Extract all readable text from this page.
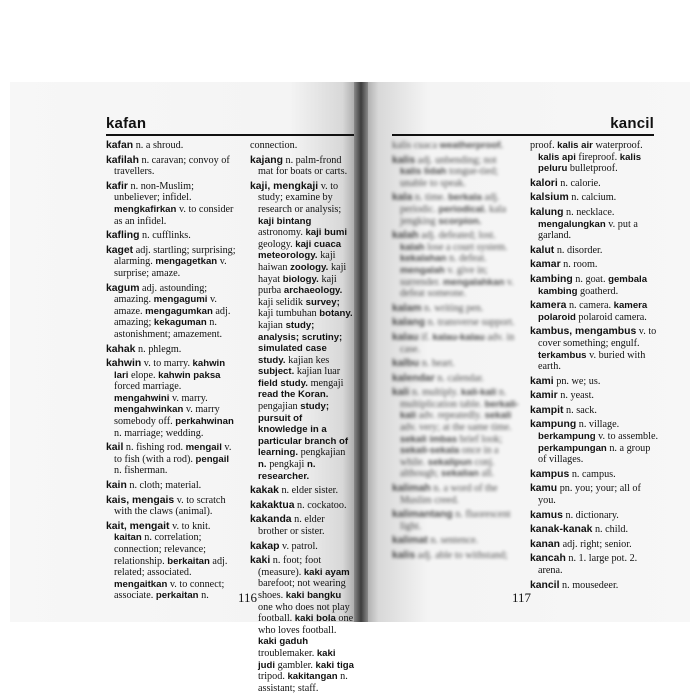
kafan

kafan n. a shroud.

kafilah n. caravan; convoy of travellers.

kafir n. non-Muslim; unbeliever; infidel. mengkafirkan v. to consider as an infidel.

kafling n. cufflinks.

kaget adj. startling; surprising; alarming. mengagetkan v. surprise; amaze.

kagum adj. astounding; amazing. mengagumi v. amaze. mengagumkan adj. amazing; kekaguman n. astonishment; amazement.

kahak n. phlegm.

kahwin v. to marry. kahwin lari elope. kahwin paksa forced marriage. mengahwini v. marry. mengahwinkan v. marry somebody off. perkahwinan n. marriage; wedding.

kail n. fishing rod. mengail v. to fish (with a rod). pengail n. fisherman.

kain n. cloth; material.

kais, mengais v. to scratch with the claws (animal).

kait, mengait v. to knit. kaitan n. correlation; connection; relevance; relationship. berkaitan adj. related; associated. mengaitkan v. to connect; associate. perkaitan n.

connection.

kajang n. palm-frond mat for boats or carts.

kaji, mengkaji v. to study; examine by research or analysis; kaji bintang astronomy. kaji bumi geology. kaji cuaca meteorology. kaji haiwan zoology. kaji hayat biology. kaji purba archaeology. kaji selidik survey; kaji tumbuhan botany. kajian study; analysis; scrutiny; simulated case study. kajian kes subject. kajian luar field study. mengaji read the Koran. pengajian study; pursuit of knowledge in a particular branch of learning. pengkajian n. pengkaji n. researcher.

kakak n. elder sister.

kakaktua n. cockatoo.

kakanda n. elder brother or sister.

kakap v. patrol.

kaki n. foot; foot (measure). kaki ayam barefoot; not wearing shoes. kaki bangku one who does not play football. kaki bola one who loves football. kaki gaduh troublemaker. kaki judi gambler. kaki tiga tripod. kakitangan n. assistant; staff.

116
kancil

kalis cuaca weatherproof.

kalis adj. unbending; not kalis lidah tongue-tied; unable to speak.

kala n. time. berkala adj. periodic. periodical. kala jengking scorpion.

kalah adj. defeated; lost. kalah lose a court system. kekalahan n. defeat. mengalah v. give in; surrender. mengalahkan v. defeat someone.

kalam n. writing pen.

kalang n. transverse support.

kalau if. kalau-kalau adv. in case.

kalbu n. heart.

kalendar n. calendar.

kali n. multiply. kali-kali n. multiplication table. berkali-kali adv. repeatedly. sekali adv. very; at the same time. sekali imbas brief look; sekali-sekala once in a while. sekalipun conj. although; sekalian all.

kalimah n. a word of the Muslim creed.

kalimantang n. fluorescent light.

kalimat n. sentence.

kalis adj. able to withstand;

proof. kalis air waterproof. kalis api fireproof. kalis peluru bulletproof.

kalori n. calorie.

kalsium n. calcium.

kalung n. necklace. mengalungkan v. put a garland.

kalut n. disorder.

kamar n. room.

kambing n. goat. gembala kambing goatherd.

kamera n. camera. kamera polaroid polaroid camera.

kambus, mengambus v. to cover something; engulf. terkambus v. buried with earth.

kami pn. we; us.

kamir n. yeast.

kampit n. sack.

kampung n. village. berkampung v. to assemble. perkampungan n. a group of villages.

kampus n. campus.

kamu pn. you; your; all of you.

kamus n. dictionary.

kanak-kanak n. child.

kanan adj. right; senior.

kancah n. 1. large pot. 2. arena.

kancil n. mousedeer.

117
